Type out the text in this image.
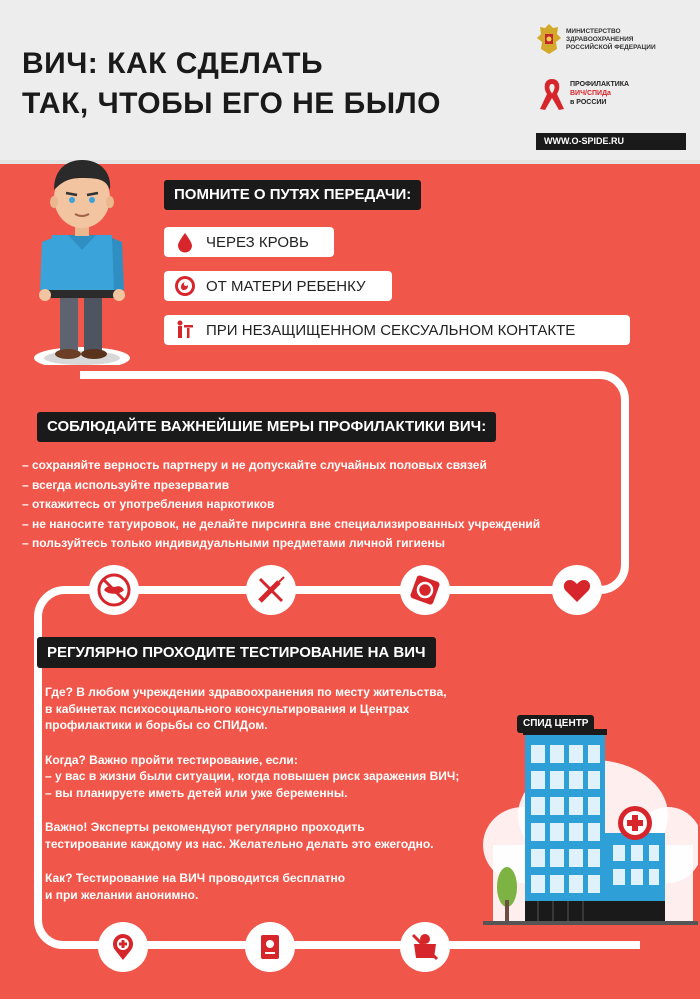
ВИЧ: КАК СДЕЛАТЬ
ТАК, ЧТОБЫ ЕГО НЕ БЫЛО
МИНИСТЕРСТВО
ЗДРАВООХРАНЕНИЯ
РОССИЙСКОЙ ФЕДЕРАЦИИ
ПРОФИЛАКТИКА
ВИЧ/СПИДа
в РОССИИ
WWW.O-SPIDE.RU
ПОМНИТЕ О ПУТЯХ ПЕРЕДАЧИ:
ЧЕРЕЗ КРОВЬ
ОТ МАТЕРИ РЕБЕНКУ
ПРИ НЕЗАЩИЩЕННОМ СЕКСУАЛЬНОМ КОНТАКТЕ
СОБЛЮДАЙТЕ ВАЖНЕЙШИЕ МЕРЫ ПРОФИЛАКТИКИ ВИЧ:
– сохраняйте верность партнеру и не допускайте случайных половых связей
– всегда используйте презерватив
– откажитесь от употребления наркотиков
– не наносите татуировок, не делайте пирсинга вне специализированных учреждений
– пользуйтесь только индивидуальными предметами личной гигиены
РЕГУЛЯРНО ПРОХОДИТЕ ТЕСТИРОВАНИЕ НА ВИЧ

Где? В любом учреждении здравоохранения по месту жительства,
в кабинетах психосоциального консультирования и Центрах
профилактики и борьбы со СПИДом.

Когда? Важно пройти тестирование, если:
– у вас в жизни были ситуации, когда повышен риск заражения ВИЧ;
– вы планируете иметь детей или уже беременны.

Важно! Эксперты рекомендуют регулярно проходить
тестирование каждому из нас. Желательно делать это ежегодно.

Как? Тестирование на ВИЧ проводится бесплатно
и при желании анонимно.

СПИД ЦЕНТР
